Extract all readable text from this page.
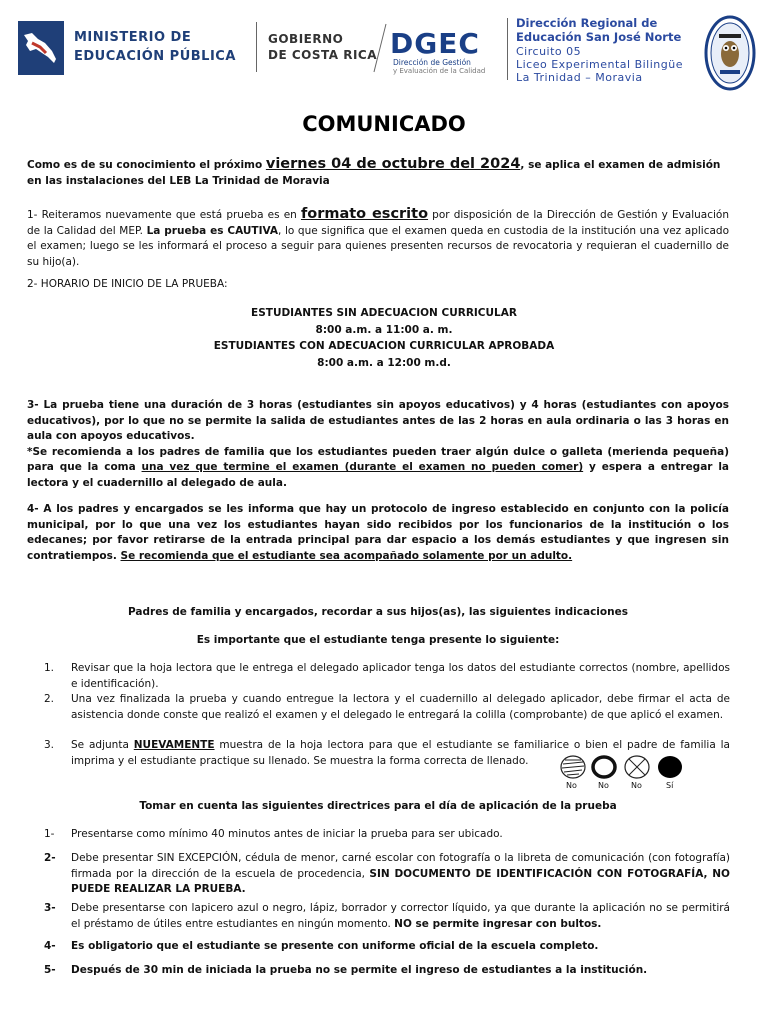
MINISTERIO DE
EDUCACIÓN PÚBLICA
GOBIERNO
DE COSTA RICA DGEC
Dirección de Gestión
y Evaluación de la Calidad
Dirección Regional de
Educación San José Norte
Circuito 05
Liceo Experimental Bilingüe
La Trinidad – Moravia
COMUNICADO
Como es de su conocimiento el próximo viernes 04 de octubre del 2024, se aplica el examen de admisión
en las instalaciones del LEB La Trinidad de Moravia
1- Reiteramos nuevamente que está prueba es en formato escrito por disposición de la Dirección de Gestión y Evaluación de la Calidad del MEP. La prueba es CAUTIVA, lo que significa que el examen queda en custodia de la institución una vez aplicado el examen; luego se les informará el proceso a seguir para quienes presenten recursos de revocatoria y requieran el cuadernillo de su hijo(a).
2- HORARIO DE INICIO DE LA PRUEBA:
ESTUDIANTES SIN ADECUACION CURRICULAR
8:00 a.m. a 11:00 a. m.
ESTUDIANTES CON ADECUACION CURRICULAR APROBADA
8:00 a.m. a 12:00 m.d.
3- La prueba tiene una duración de 3 horas (estudiantes sin apoyos educativos) y 4 horas (estudiantes con apoyos educativos), por lo que no se permite la salida de estudiantes antes de las 2 horas en aula ordinaria o las 3 horas en aula con apoyos educativos.
*Se recomienda a los padres de familia que los estudiantes pueden traer algún dulce o galleta (merienda pequeña) para que la coma una vez que termine el examen (durante el examen no pueden comer) y espera a entregar la lectora y el cuadernillo al delegado de aula.
4- A los padres y encargados se les informa que hay un protocolo de ingreso establecido en conjunto con la policía municipal, por lo que una vez los estudiantes hayan sido recibidos por los funcionarios de la institución o los edecanes; por favor retirarse de la entrada principal para dar espacio a los demás estudiantes y que ingresen sin contratiempos. Se recomienda que el estudiante sea acompañado solamente por un adulto.
Padres de familia y encargados, recordar a sus hijos(as), las siguientes indicaciones
Es importante que el estudiante tenga presente lo siguiente:
1. Revisar que la hoja lectora que le entrega el delegado aplicador tenga los datos del estudiante correctos (nombre, apellidos e identificación).
2. Una vez finalizada la prueba y cuando entregue la lectora y el cuadernillo al delegado aplicador, debe firmar el acta de asistencia donde conste que realizó el examen y el delegado le entregará la colilla (comprobante) de que aplicó el examen.
3. Se adjunta NUEVAMENTE muestra de la hoja lectora para que el estudiante se familiarice o bien el padre de familia la imprima y el estudiante practique su llenado. Se muestra la forma correcta de llenado.
No	No	No	Sí
Tomar en cuenta las siguientes directrices para el día de aplicación de la prueba
1- Presentarse como mínimo 40 minutos antes de iniciar la prueba para ser ubicado.
2- Debe presentar SIN EXCEPCIÓN, cédula de menor, carné escolar con fotografía o la libreta de comunicación (con fotografía) firmada por la dirección de la escuela de procedencia, SIN DOCUMENTO DE IDENTIFICACIÓN CON FOTOGRAFÍA, NO PUEDE REALIZAR LA PRUEBA.
3- Debe presentarse con lapicero azul o negro, lápiz, borrador y corrector líquido, ya que durante la aplicación no se permitirá el préstamo de útiles entre estudiantes en ningún momento. NO se permite ingresar con bultos.
4- Es obligatorio que el estudiante se presente con uniforme oficial de la escuela completo.
5- Después de 30 min de iniciada la prueba no se permite el ingreso de estudiantes a la institución.
